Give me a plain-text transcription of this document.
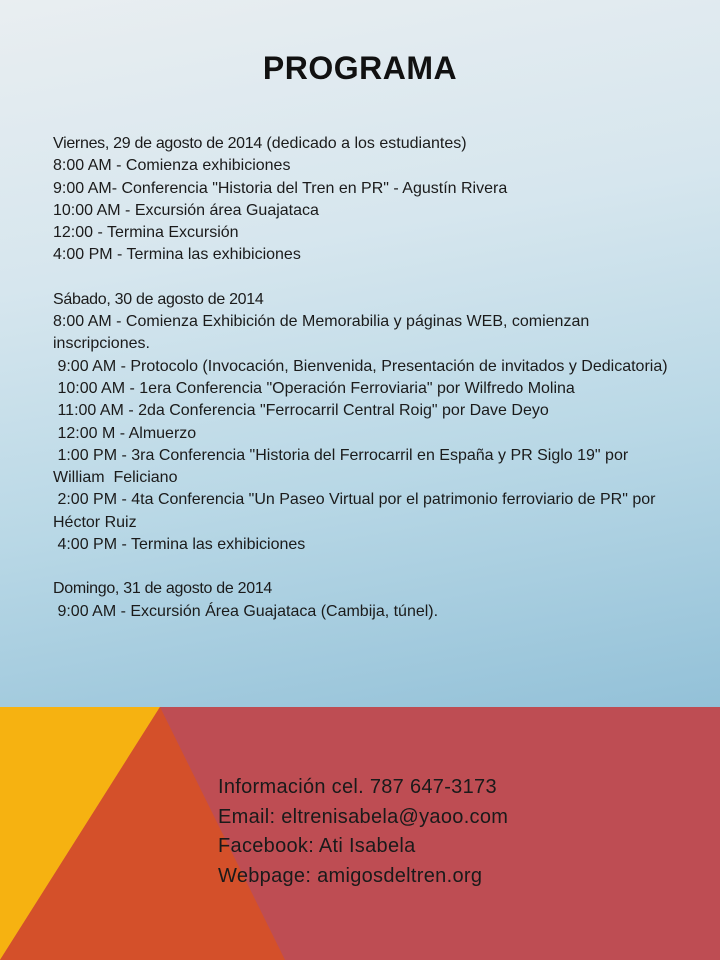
PROGRAMA
Viernes, 29 de agosto de 2014 (dedicado a los estudiantes)
8:00 AM - Comienza exhibiciones
9:00 AM- Conferencia "Historia del Tren en PR" - Agustín Rivera
10:00 AM - Excursión área Guajataca
12:00 - Termina Excursión
4:00 PM - Termina las exhibiciones
Sábado, 30 de agosto de 2014
8:00 AM - Comienza Exhibición de Memorabilia y páginas WEB, comienzan inscripciones.
9:00 AM - Protocolo (Invocación, Bienvenida, Presentación de invitados y Dedicatoria)
10:00 AM - 1era Conferencia "Operación Ferroviaria" por Wilfredo Molina
11:00 AM - 2da Conferencia "Ferrocarril Central Roig" por Dave Deyo
12:00 M - Almuerzo
1:00 PM - 3ra Conferencia "Historia del Ferrocarril en España y PR Siglo 19" por William  Feliciano
2:00 PM - 4ta Conferencia "Un Paseo Virtual por el patrimonio ferroviario de PR" por Héctor Ruiz
4:00 PM - Termina las exhibiciones
Domingo, 31 de agosto de 2014
9:00 AM - Excursión Área Guajataca (Cambija, túnel).
Información cel. 787 647-3173
Email: eltrenisabela@yaoo.com
Facebook: Ati Isabela
Webpage: amigosdeltren.org
